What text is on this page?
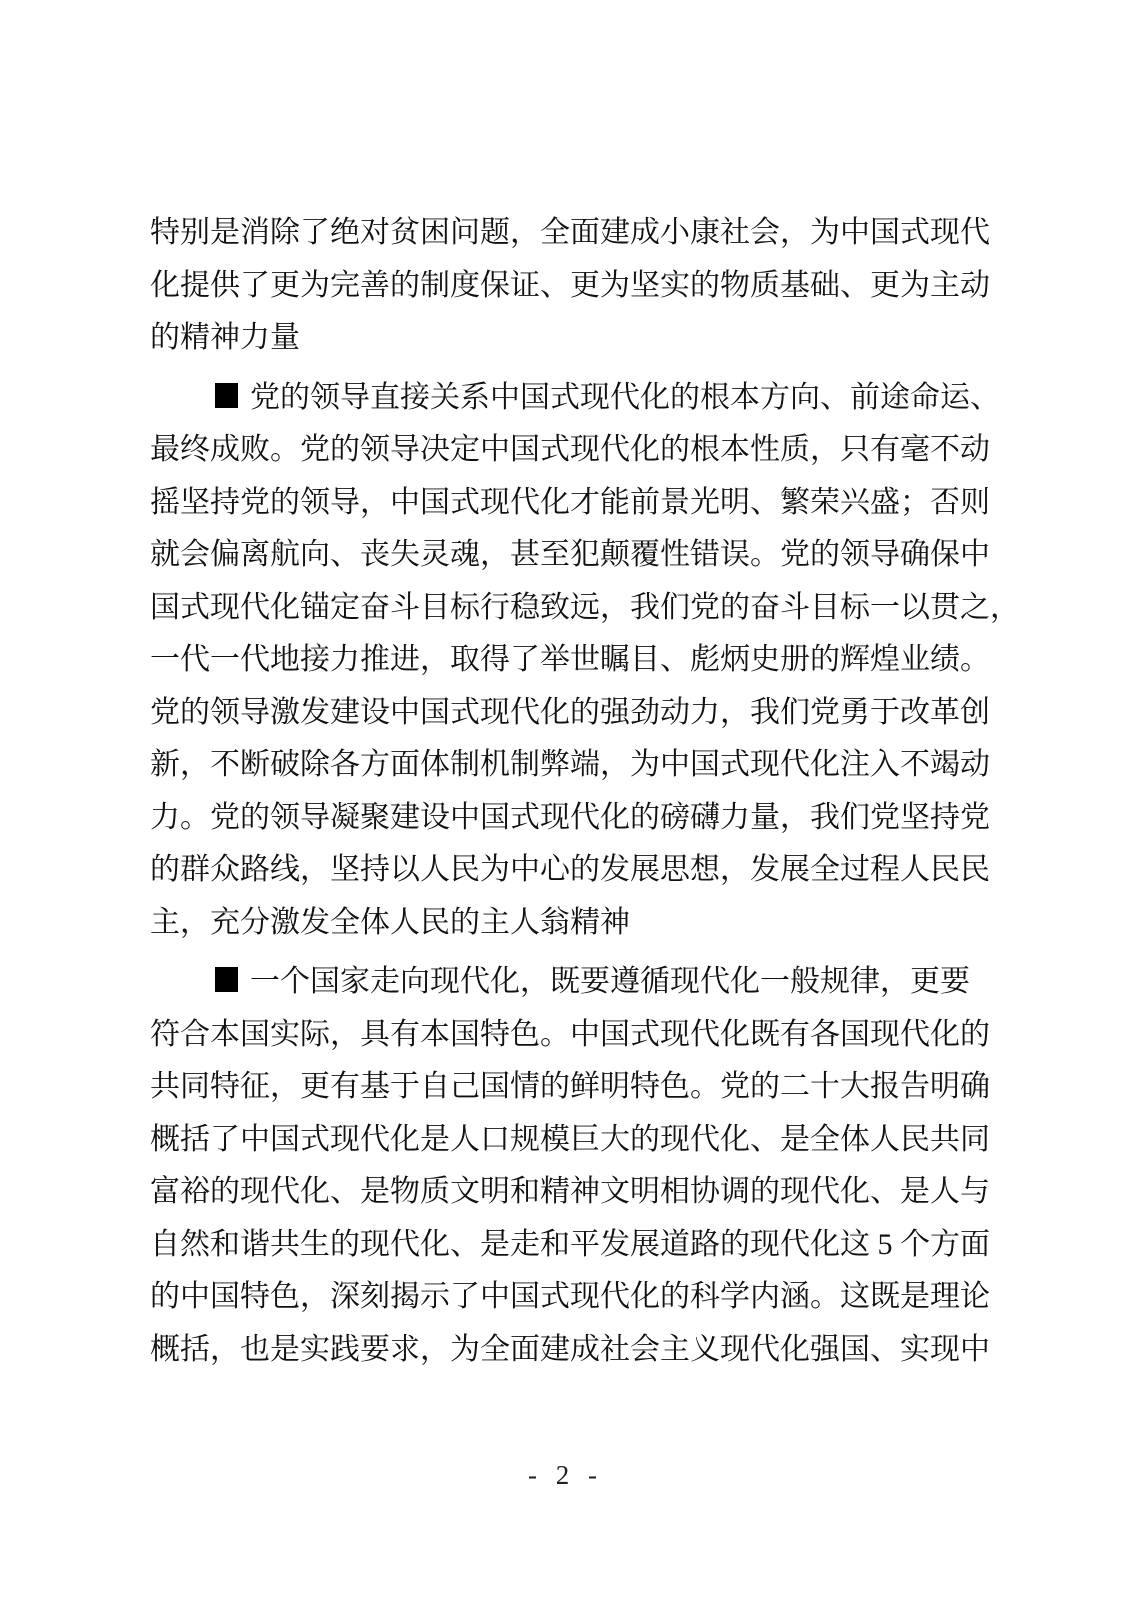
特别是消除了绝对贫困问题，全面建成小康社会，为中国式现代
化提供了更为完善的制度保证、更为坚实的物质基础、更为主动
的精神力量
党的领导直接关系中国式现代化的根本方向、前途命运、
最终成败。党的领导决定中国式现代化的根本性质，只有毫不动
摇坚持党的领导，中国式现代化才能前景光明、繁荣兴盛；否则
就会偏离航向、丧失灵魂，甚至犯颠覆性错误。党的领导确保中
国式现代化锚定奋斗目标行稳致远，我们党的奋斗目标一以贯之，
一代一代地接力推进，取得了举世瞩目、彪炳史册的辉煌业绩。
党的领导激发建设中国式现代化的强劲动力，我们党勇于改革创
新，不断破除各方面体制机制弊端，为中国式现代化注入不竭动
力。党的领导凝聚建设中国式现代化的磅礴力量，我们党坚持党
的群众路线，坚持以人民为中心的发展思想，发展全过程人民民
主，充分激发全体人民的主人翁精神
一个国家走向现代化，既要遵循现代化一般规律，更要
符合本国实际，具有本国特色。中国式现代化既有各国现代化的
共同特征，更有基于自己国情的鲜明特色。党的二十大报告明确
概括了中国式现代化是人口规模巨大的现代化、是全体人民共同
富裕的现代化、是物质文明和精神文明相协调的现代化、是人与
自然和谐共生的现代化、是走和平发展道路的现代化这 5 个方面
的中国特色，深刻揭示了中国式现代化的科学内涵。这既是理论
概括，也是实践要求，为全面建成社会主义现代化强国、实现中
- 2 -
